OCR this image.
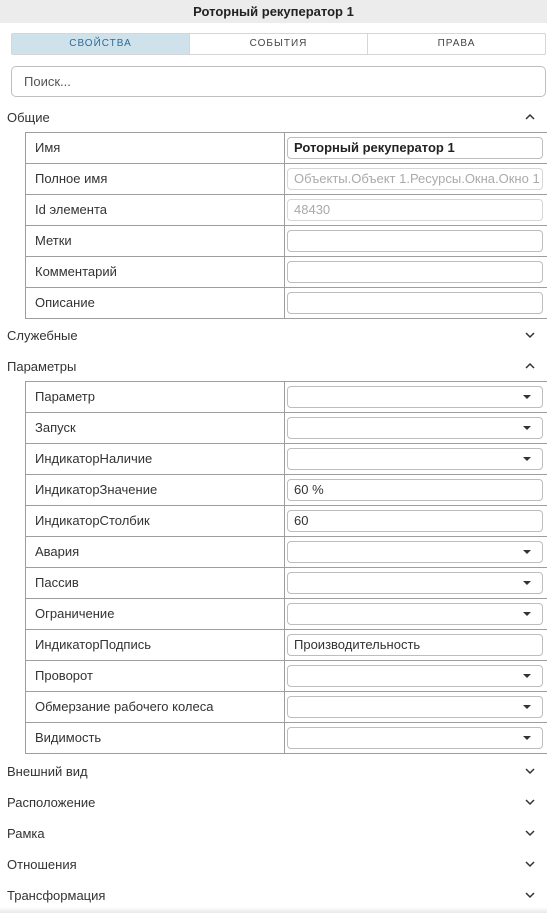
Роторный рекуператор 1
СВОЙСТВА	СОБЫТИЯ	ПРАВА
Поиск...
Общие
Имя	Роторный рекуператор 1
Полное имя	Объекты.Объект 1.Ресурсы.Окна.Окно 1
Id элемента	48430
Метки
Комментарий
Описание
Служебные
Параметры
Параметр
Запуск
ИндикаторНаличие
ИндикаторЗначение	60 %
ИндикаторСтолбик	60
Авария
Пассив
Ограничение
ИндикаторПодпись	Производительность
Проворот
Обмерзание рабочего колеса
Видимость
Внешний вид
Расположение
Рамка
Отношения
Трансформация
